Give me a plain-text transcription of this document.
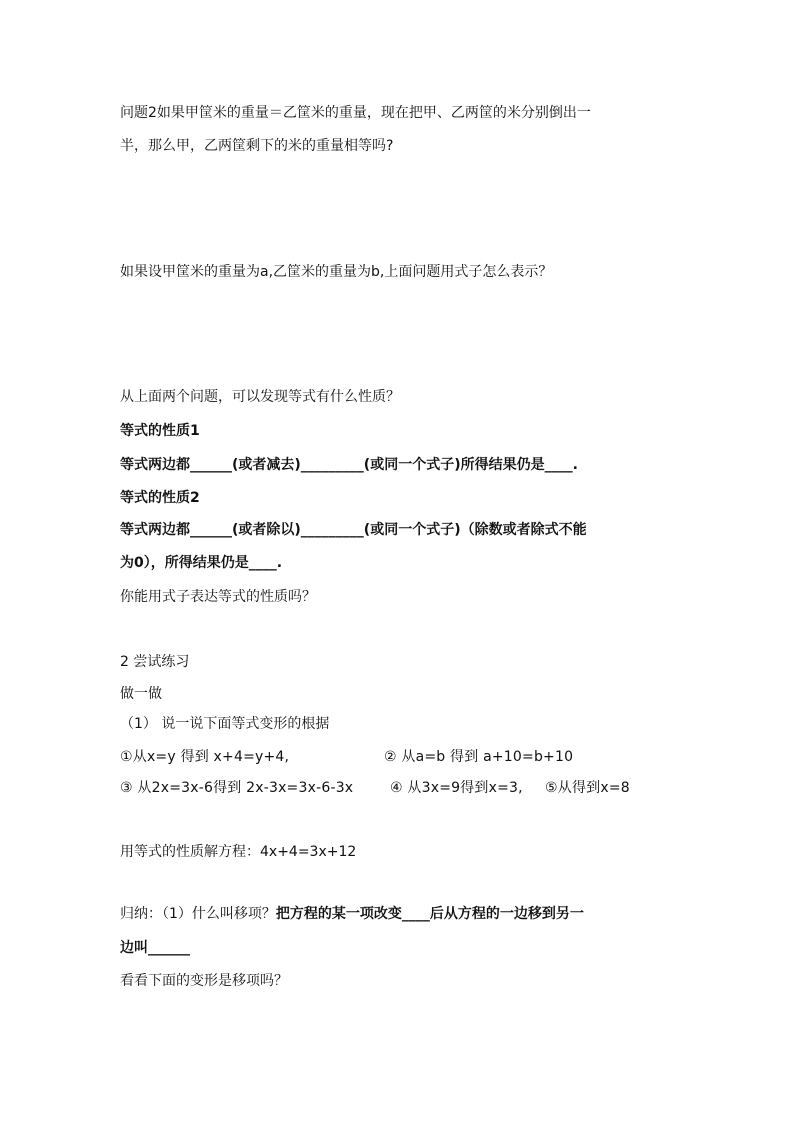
问题2如果甲筐米的重量＝乙筐米的重量，现在把甲、乙两筐的米分别倒出一
半，那么甲，乙两筐剩下的米的重量相等吗?
如果设甲筐米的重量为a,乙筐米的重量为b,上面问题用式子怎么表示？
从上面两个问题，可以发现等式有什么性质？
等式的性质1
等式两边都______(或者减去)_________(或同一个式子)所得结果仍是____.
等式的性质2
等式两边都______(或者除以)_________(或同一个式子)（除数或者除式不能
为0），所得结果仍是____.
你能用式子表达等式的性质吗？
2 尝试练习
做一做
（1） 说一说下面等式变形的根据
①从x=y 得到 x+4=y+4,	② 从a=b 得到 a+10=b+10
③ 从2x=3x-6得到 2x-3x=3x-6-3x	④ 从3x=9得到x=3, ⑤从得到x=8
用等式的性质解方程：4x+4=3x+12
归纳：（1）什么叫移项？把方程的某一项改变____后从方程的一边移到另一
边叫______
看看下面的变形是移项吗？
